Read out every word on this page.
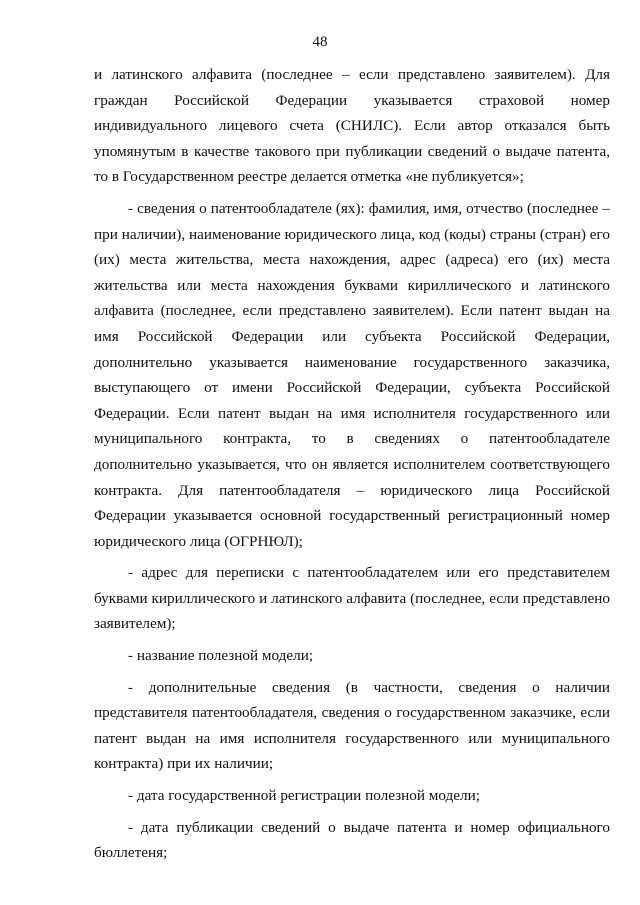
48

и латинского алфавита (последнее – если представлено заявителем). Для граждан Российской Федерации указывается страховой номер индивидуального лицевого счета (СНИЛС). Если автор отказался быть упомянутым в качестве такового при публикации сведений о выдаче патента, то в Государственном реестре делается отметка «не публикуется»;

- сведения о патентообладателе (ях): фамилия, имя, отчество (последнее – при наличии), наименование юридического лица, код (коды) страны (стран) его (их) места жительства, места нахождения, адрес (адреса) его (их) места жительства или места нахождения буквами кириллического и латинского алфавита (последнее, если представлено заявителем). Если патент выдан на имя Российской Федерации или субъекта Российской Федерации, дополнительно указывается наименование государственного заказчика, выступающего от имени Российской Федерации, субъекта Российской Федерации. Если патент выдан на имя исполнителя государственного или муниципального контракта, то в сведениях о патентообладателе дополнительно указывается, что он является исполнителем соответствующего контракта. Для патентообладателя – юридического лица Российской Федерации указывается основной государственный регистрационный номер юридического лица (ОГРНЮЛ);

- адрес для переписки с патентообладателем или его представителем буквами кириллического и латинского алфавита (последнее, если представлено заявителем);

- название полезной модели;

- дополнительные сведения (в частности, сведения о наличии представителя патентообладателя, сведения о государственном заказчике, если патент выдан на имя исполнителя государственного или муниципального контракта) при их наличии;

- дата государственной регистрации полезной модели;

- дата публикации сведений о выдаче патента и номер официального бюллетеня;
